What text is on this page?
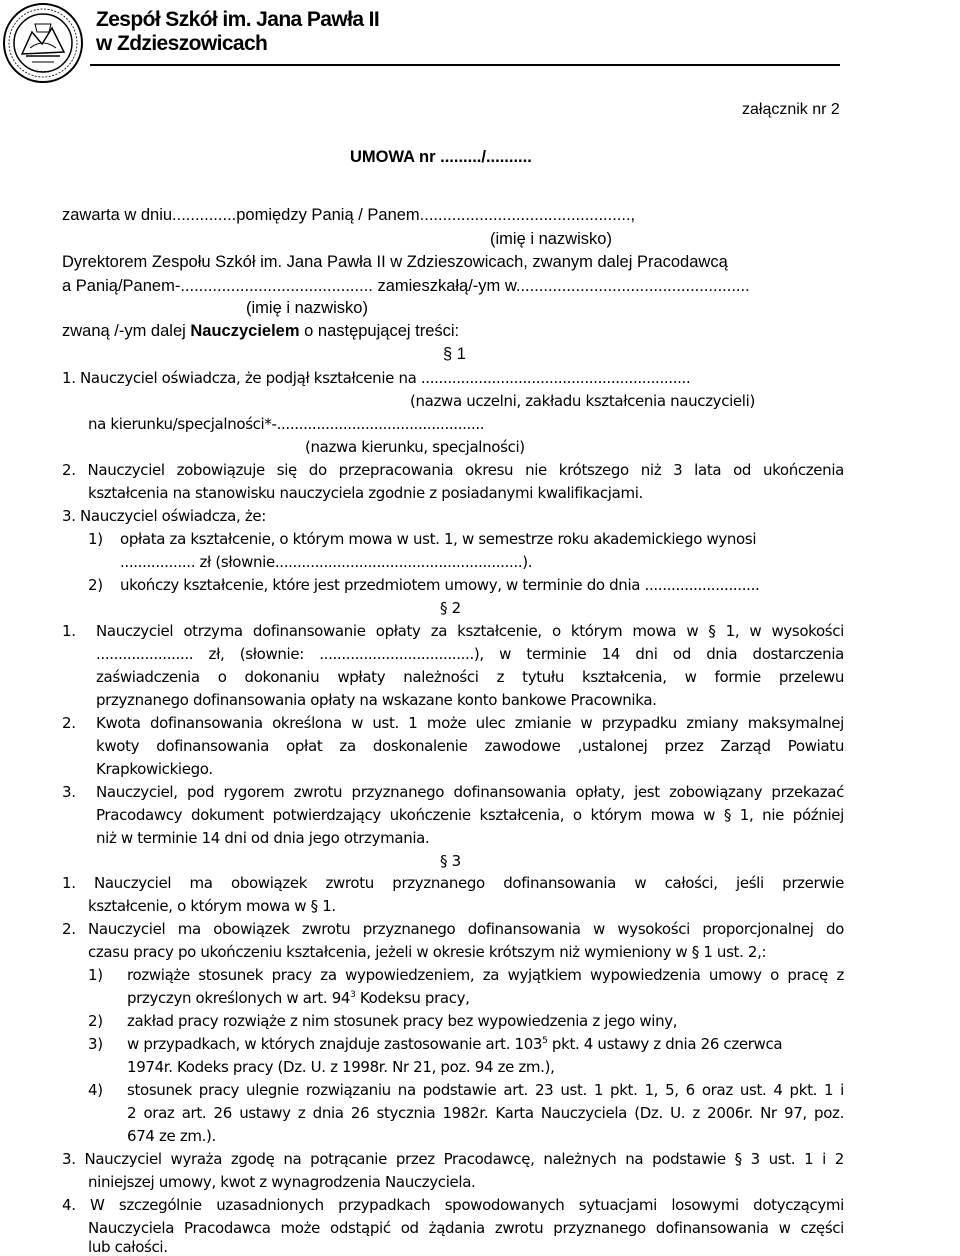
• • • •
Zespół Szkół im. Jana Pawła II
w Zdzieszowicach
załącznik nr 2
UMOWA nr ........./..........
zawarta w dniu..............pomiędzy Panią / Panem..............................................,
(imię i nazwisko)
Dyrektorem Zespołu Szkół im. Jana Pawła II w Zdzieszowicach, zwanym dalej Pracodawcą
a Panią/Panem-.......................................... zamieszkałą/-ym w...................................................
(imię i nazwisko)
zwaną /-ym dalej Nauczycielem o następującej treści:
§ 1
1. Nauczyciel oświadcza, że podjął kształcenie na .............................................................
(nazwa uczelni, zakładu kształcenia nauczycieli)
na kierunku/specjalności*-...............................................
(nazwa kierunku, specjalności)
2. Nauczyciel zobowiązuje się do przepracowania okresu nie krótszego niż 3 lata od ukończenia
kształcenia na stanowisku nauczyciela zgodnie z posiadanymi kwalifikacjami.
3. Nauczyciel oświadcza, że:
1) opłata za kształcenie, o którym mowa w ust. 1, w semestrze roku akademickiego wynosi
................. zł (słownie........................................................).
2) ukończy kształcenie, które jest przedmiotem umowy, w terminie do dnia ..........................
§ 2
1. Nauczyciel otrzyma dofinansowanie opłaty za kształcenie, o którym mowa w § 1, w wysokości
...................... zł, (słownie: ...................................), w terminie 14 dni od dnia dostarczenia
zaświadczenia o dokonaniu wpłaty należności z tytułu kształcenia, w formie przelewu
przyznanego dofinansowania opłaty na wskazane konto bankowe Pracownika.
2. Kwota dofinansowania określona w ust. 1 może ulec zmianie w przypadku zmiany maksymalnej
kwoty dofinansowania opłat za doskonalenie zawodowe ,ustalonej przez Zarząd Powiatu
Krapkowickiego.
3. Nauczyciel, pod rygorem zwrotu przyznanego dofinansowania opłaty, jest zobowiązany przekazać
Pracodawcy dokument potwierdzający ukończenie kształcenia, o którym mowa w § 1, nie później
niż w terminie 14 dni od dnia jego otrzymania.
§ 3
1. Nauczyciel ma obowiązek zwrotu przyznanego dofinansowania w całości, jeśli przerwie
kształcenie, o którym mowa w § 1.
2. Nauczyciel ma obowiązek zwrotu przyznanego dofinansowania w wysokości proporcjonalnej do
czasu pracy po ukończeniu kształcenia, jeżeli w okresie krótszym niż wymieniony w § 1 ust. 2,:
1) rozwiąże stosunek pracy za wypowiedzeniem, za wyjątkiem wypowiedzenia umowy o pracę z
przyczyn określonych w art. $94^3$ Kodeksu pracy,
2) zakład pracy rozwiąże z nim stosunek pracy bez wypowiedzenia z jego winy,
3) w przypadkach, w których znajduje zastosowanie art. $103^5$ pkt. 4 ustawy z dnia 26 czerwca
1974r. Kodeks pracy (Dz. U. z 1998r. Nr 21, poz. 94 ze zm.),
4) stosunek pracy ulegnie rozwiązaniu na podstawie art. 23 ust. 1 pkt. 1, 5, 6 oraz ust. 4 pkt. 1 i
2 oraz art. 26 ustawy z dnia 26 stycznia 1982r. Karta Nauczyciela (Dz. U. z 2006r. Nr 97, poz.
674 ze zm.).
3. Nauczyciel wyraża zgodę na potrącanie przez Pracodawcę, należnych na podstawie § 3 ust. 1 i 2
niniejszej umowy, kwot z wynagrodzenia Nauczyciela.
4. W szczególnie uzasadnionych przypadkach spowodowanych sytuacjami losowymi dotyczącymi
Nauczyciela Pracodawca może odstąpić od żądania zwrotu przyznanego dofinansowania w części
lub całości.
